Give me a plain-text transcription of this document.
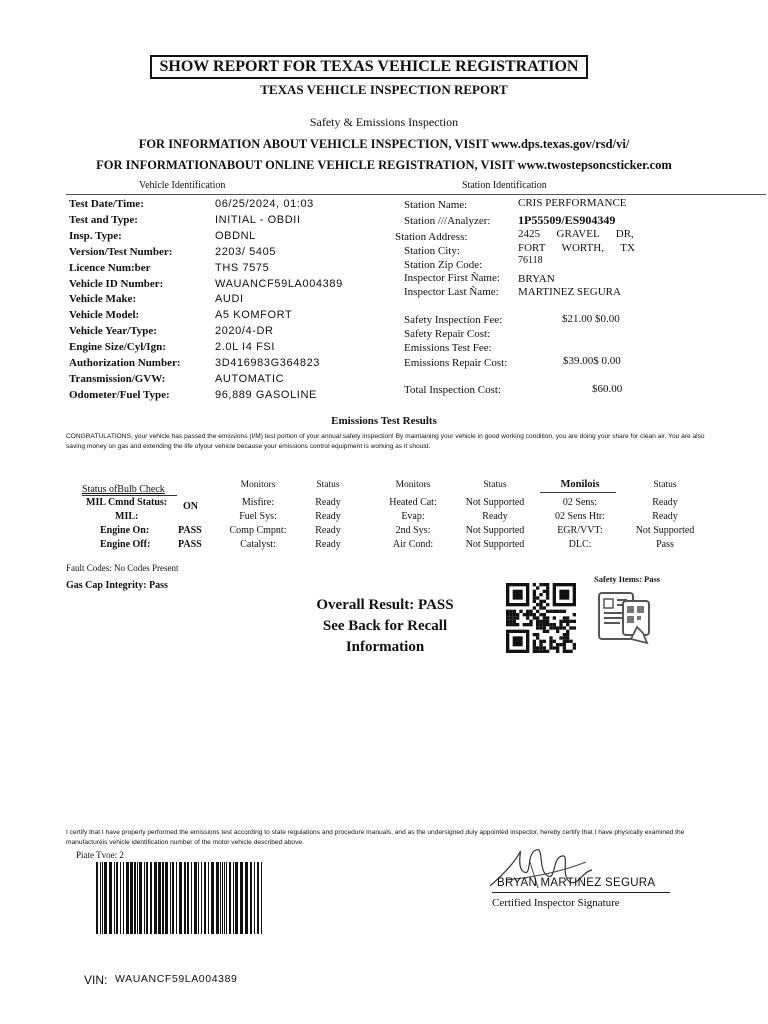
SHOW REPORT FOR TEXAS VEHICLE REGISTRATION
TEXAS VEHICLE INSPECTION REPORT
Safety & Emissions Inspection
FOR INFORMATION ABOUT VEHICLE INSPECTION, VISIT www.dps.texas.gov/rsd/vi/
FOR INFORMATIONABOUT ONLINE VEHICLE REGISTRATION, VISIT www.twostepsoncsticker.com
Vehicle Identification	Station Identification
Test Date/Time:	06/25/2024, 01:03
Test and Type:	INITIAL - OBDII
Insp. Type:	OBDNL
Version/Test Number:	2203/ 5405
Licence Num:ber	THS 7575
Vehicle ID Number:	WAUANCF59LA004389
Vehicle Make:	AUDI
Vehicle Model:	A5 KOMFORT
Vehicle Year/Type:	2020/4-DR
Engine Size/Cyl/Ign:	2.0L I4 FSI
Authorization Number:	3D416983G364823
Transmission/GVW:	AUTOMATIC
Odometer/Fuel Type:	96,889 GASOLINE
Station Name:	CRIS PERFORMANCE
Station ///Analyzer: 1P55509/ES904349
Station Address:	2425      GRAVEL      DR,
Station City:	FORT      WORTH,      TX
Station Zip Code:	76118
Inspector First Ñame: BRYAN
Inspector Last Ñame: MARTINEZ SEGURA
Safety Inspection Fee:	$21.00 $0.00
Safety Repair Cost:
Emissions Test Fee:
Emissions Repair Cost:	$39.00$ 0.00
Total Inspection Cost:	$60.00
Emissions Test Results
CONGRATULATIONS, your vehicle has passed the emissions (I/M) test portion of your annual safety inspection! By maintaining your vehicle in good working condition, you are doing your share for clean air. You are also saving money on gas and extending the life ofyour vehicle because your emissions control equipment is working as it should.
Status ofBulb Check
MIL Cmnd Status: ON
MIL:
Engine On:	PASS
Engine Off:	PASS
Monitors	Status
Misfire:	Ready
Fuel Sys:	Ready
Comp Cmpnt:	Ready
Catalyst:	Ready
Monitors	Status
Heated Cat:	Not Supported
Evap:	Ready
2nd Sys:	Not Supported
Air Cond:	Not Supported
Monilois	Status
02 Sens:	Ready
02 Sens Htr:	Ready
EGR/VVT:	Not Supported
DLC:	Pass
Fault Codes: No Codes Present
Gas Cap Integrity: Pass
Overall Result: PASS
See Back for Recall
Information
Safety Items: Pass
I certify that I have properly performed the emissions test according to state regulations and procedure manuals, and as the undersigned duly appointed inspector, hereby certify that I have physically examined the manufacturéis vehicle identification number of the motor vehicle described above.
Piate Tvoe: 2
BRYAN MARTINEZ SEGURA
Certified Inspector Signature
VIN: WAUANCF59LA004389
